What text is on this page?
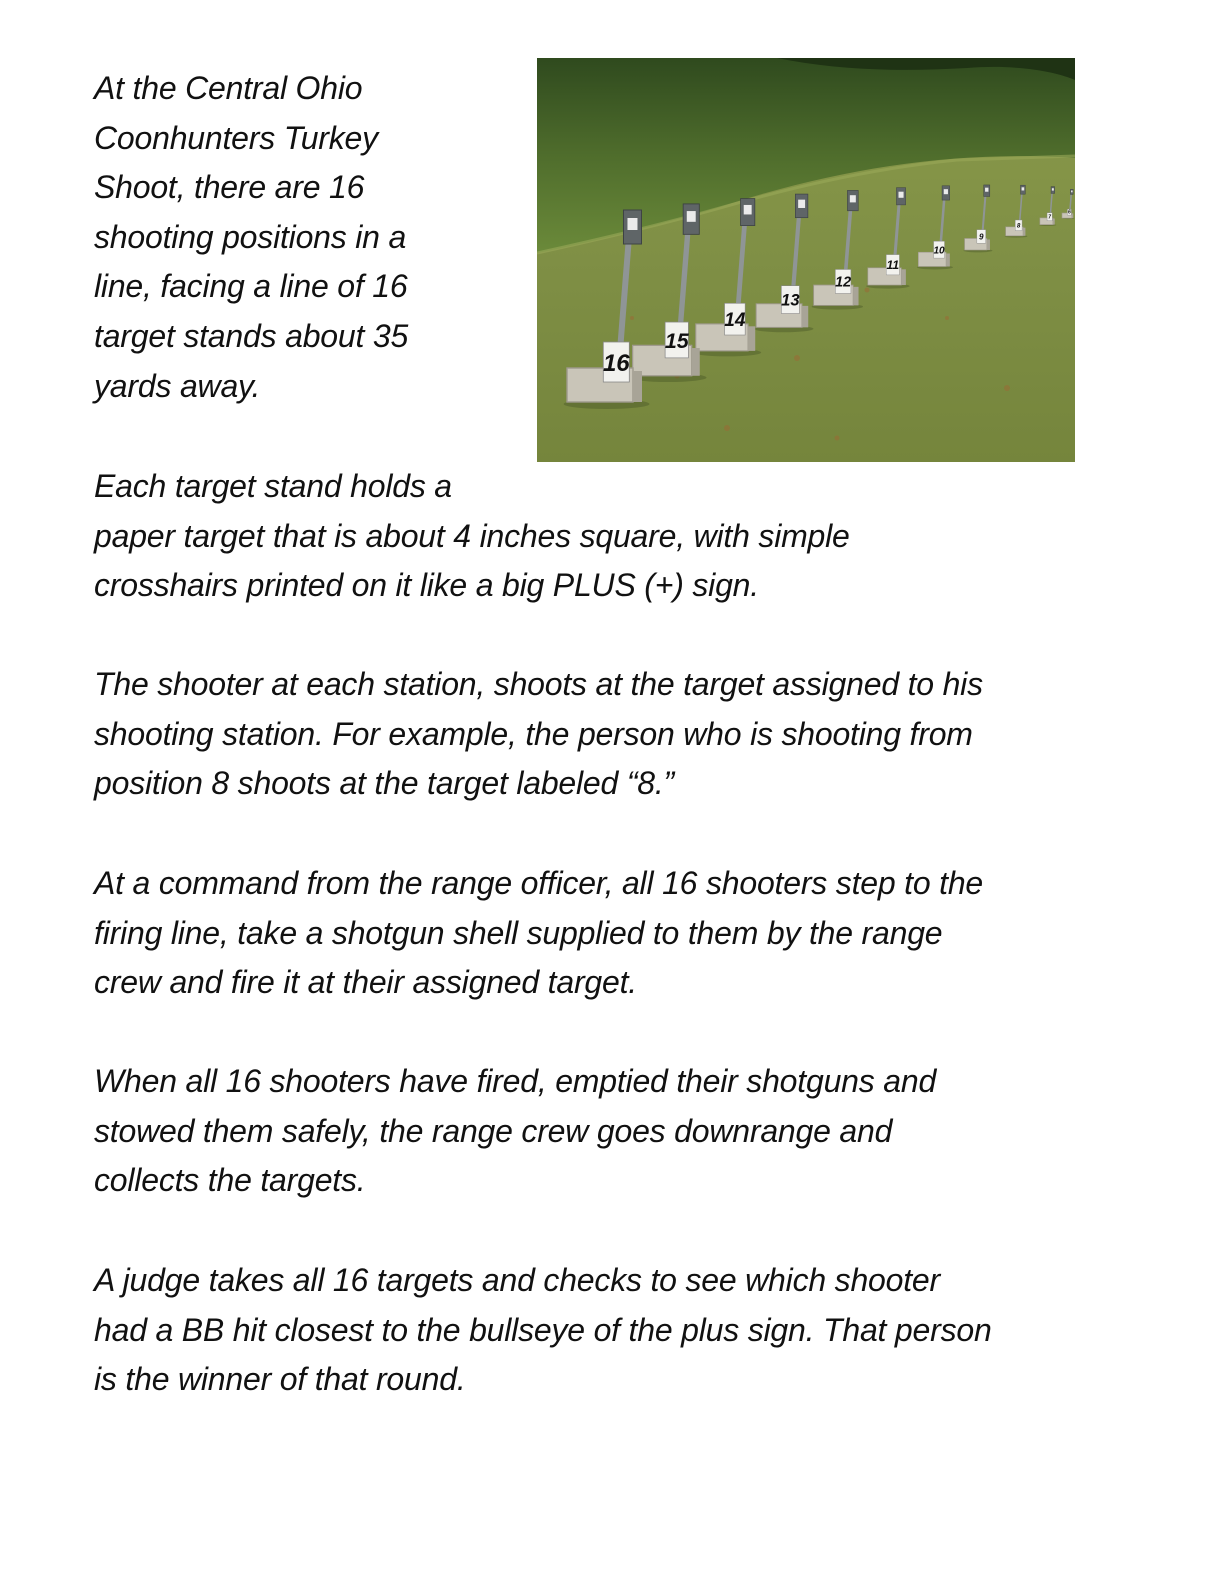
At the Central Ohio
Coonhunters Turkey
Shoot, there are 16
shooting positions in a
line, facing a line of 16
target stands about 35
yards away.

6
7
8
9
10
11
12
13
14
15
16

Each target stand holds a
paper target that is about 4 inches square, with simple
crosshairs printed on it like a big PLUS (+) sign.

The shooter at each station, shoots at the target assigned to his
shooting station. For example, the person who is shooting from
position 8 shoots at the target labeled “8.”

At a command from the range officer, all 16 shooters step to the
firing line, take a shotgun shell supplied to them by the range
crew and fire it at their assigned target.

When all 16 shooters have fired, emptied their shotguns and
stowed them safely, the range crew goes downrange and
collects the targets.

A judge takes all 16 targets and checks to see which shooter
had a BB hit closest to the bullseye of the plus sign. That person
is the winner of that round.
